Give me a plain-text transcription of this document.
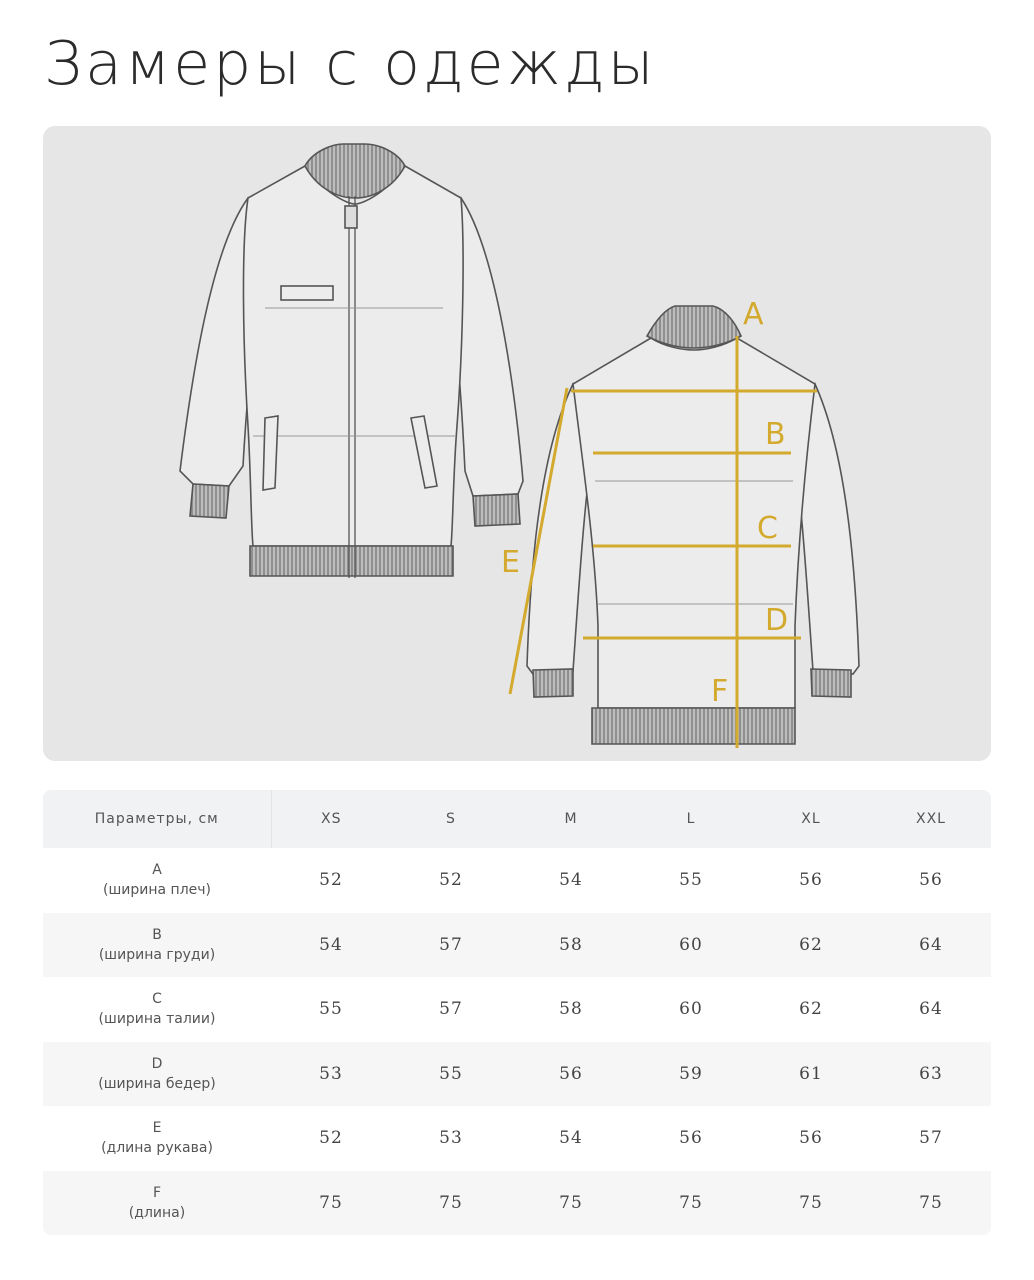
Замеры с одежды
A
B
C
D
E
F
Параметры, см	XS	S	M	L	XL	XXL

A
(ширина плеч)	52	52	54	55	56	56

B
(ширина груди)	54	57	58	60	62	64

C
(ширина талии)	55	57	58	60	62	64

D
(ширина бедер)	53	55	56	59	61	63

E
(длина рукава)	52	53	54	56	56	57

F
(длина)	75	75	75	75	75	75
